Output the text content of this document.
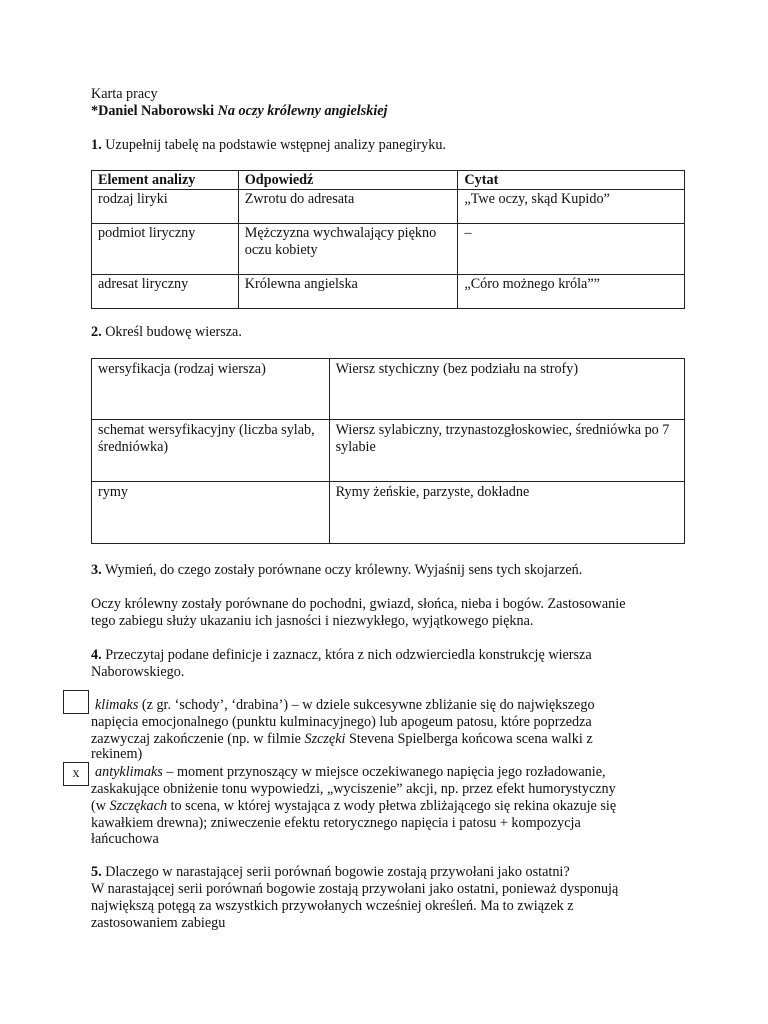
Karta pracy
*Daniel Naborowski Na oczy królewny angielskiej
1. Uzupełnij tabelę na podstawie wstępnej analizy panegiryku.
Element analizy	Odpowiedź	Cytat
rodzaj liryki	Zwrotu do adresata	„Twe oczy, skąd Kupido”
podmiot liryczny	Mężczyzna wychwalający piękno oczu kobiety	–
adresat liryczny	Królewna angielska	„Córo możnego króla””
2. Określ budowę wiersza.
wersyfikacja (rodzaj wiersza)	Wiersz stychiczny (bez podziału na strofy)
schemat wersyfikacyjny (liczba sylab, średniówka)	Wiersz sylabiczny, trzynastozgłoskowiec, średniówka po 7 sylabie
rymy	Rymy żeńskie, parzyste, dokładne
3. Wymień, do czego zostały porównane oczy królewny. Wyjaśnij sens tych skojarzeń.
Oczy królewny zostały porównane do pochodni, gwiazd, słońca, nieba i bogów. Zastosowanie
tego zabiegu służy ukazaniu ich jasności i niezwykłego, wyjątkowego piękna.
4. Przeczytaj podane definicje i zaznacz, która z nich odzwierciedla konstrukcję wiersza
Naborowskiego.
klimaks (z gr. ‘schody’, ‘drabina’) – w dziele sukcesywne zbliżanie się do największego
napięcia emocjonalnego (punktu kulminacyjnego) lub apogeum patosu, które poprzedza
zazwyczaj zakończenie (np. w filmie Szczęki Stevena Spielberga końcowa scena walki z
rekinem)
x	antyklimaks – moment przynoszący w miejsce oczekiwanego napięcia jego rozładowanie,
zaskakujące obniżenie tonu wypowiedzi, „wyciszenie” akcji, np. przez efekt humorystyczny
(w Szczękach to scena, w której wystająca z wody płetwa zbliżającego się rekina okazuje się
kawałkiem drewna); zniweczenie efektu retorycznego napięcia i patosu + kompozycja
łańcuchowa
5. Dlaczego w narastającej serii porównań bogowie zostają przywołani jako ostatni?
W narastającej serii porównań bogowie zostają przywołani jako ostatni, ponieważ dysponują
największą potęgą za wszystkich przywołanych wcześniej określeń. Ma to związek z
zastosowaniem zabiegu
